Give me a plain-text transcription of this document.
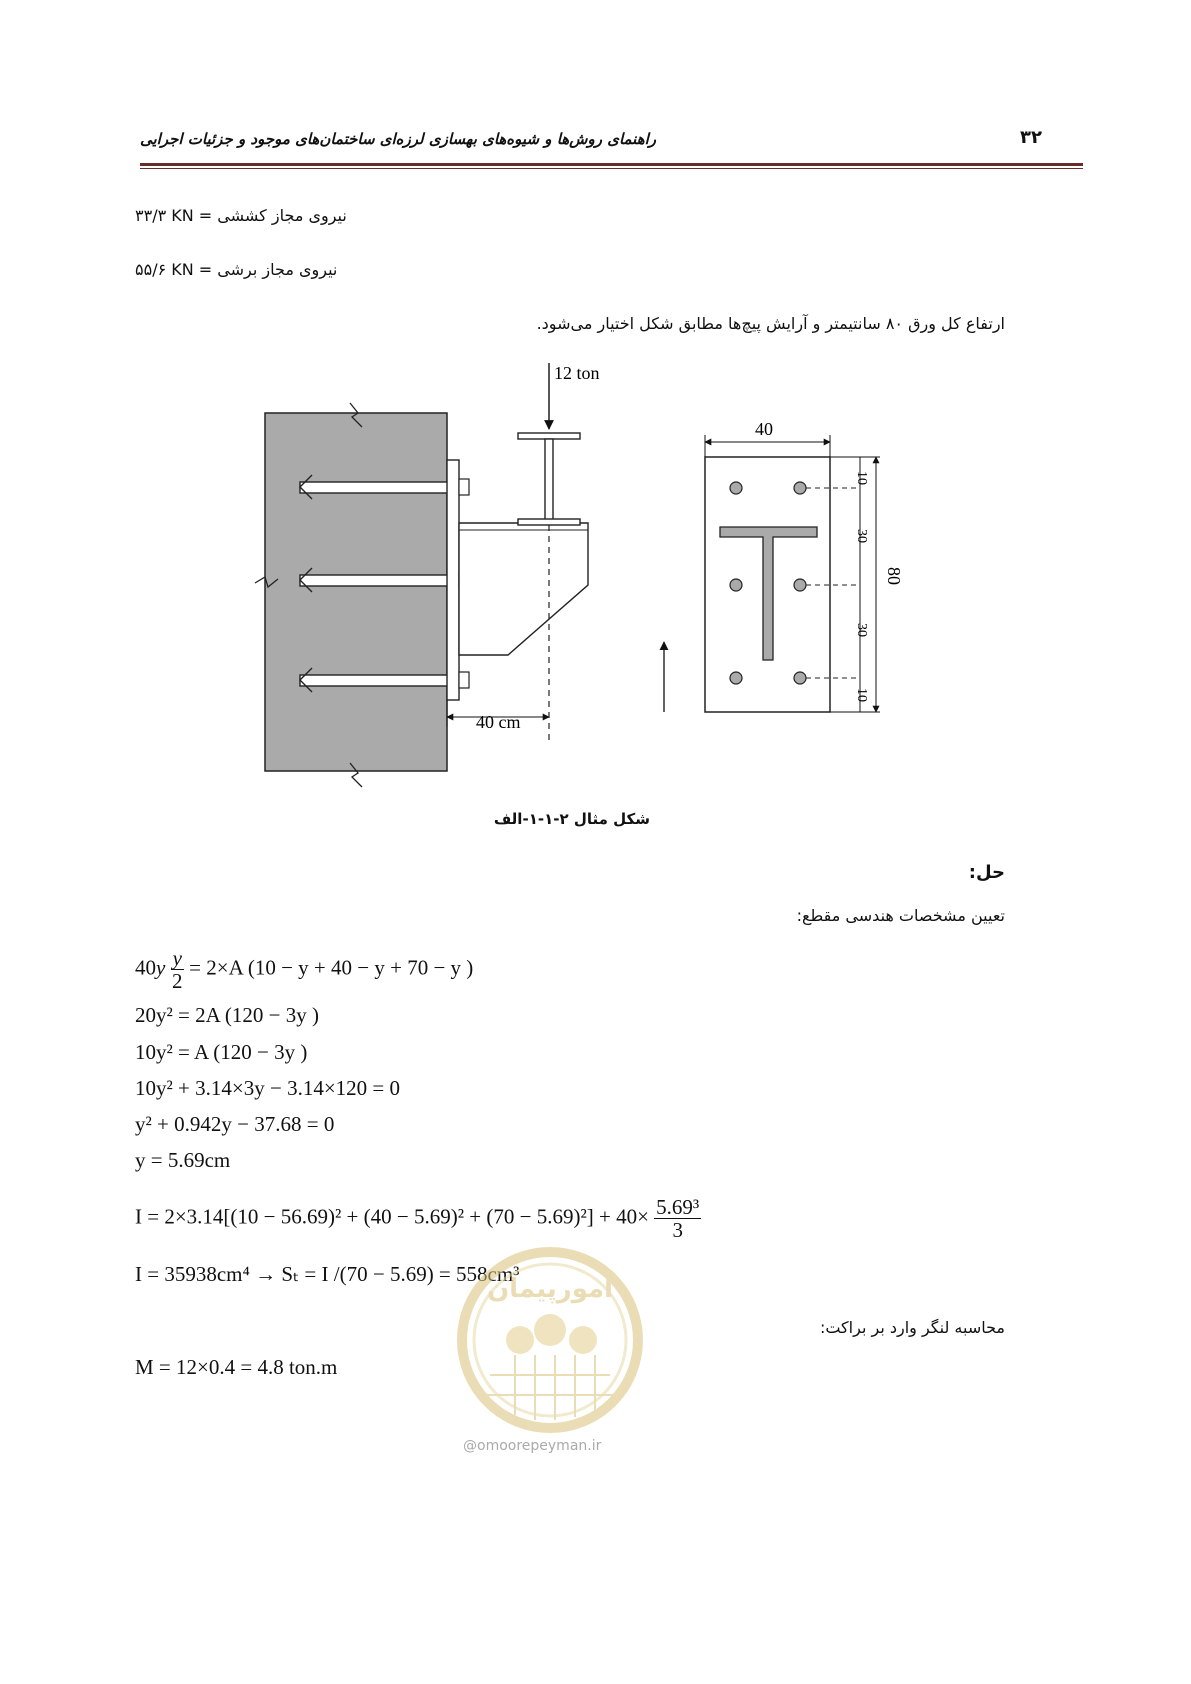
۳۲
راهنمای روش‌ها و شیوه‌های بهسازی لرزه‌ای ساختمان‌های موجود و جزئیات اجرایی
۳۳/۳ KN = نیروی مجاز کششی
۵۵/۶ KN = نیروی مجاز برشی
ارتفاع کل ورق ۸۰ سانتیمتر و آرایش پیچ‌ها مطابق شکل اختیار می‌شود.
12 ton
40 cm
40
10
30
30
10
80
شکل مثال ۲-۱-۱-الف
حل:
تعیین مشخصات هندسی مقطع:
$40y \frac{y}{2} = 2\times A$ (10 − y + 40 − y + 70 − y )
20y² = 2A (120 − 3y )
10y² = A (120 − 3y )
10y² + 3.14×3y − 3.14×120 = 0
y² + 0.942y − 37.68 = 0
y = 5.69cm
$I = 2\times 3.14[(10 - 56.69)^2 + (40 - 5.69)^2 + (70 - 5.69)^2] + 40\times \frac{\text{5.69³}}{3}$
I = 35938cm⁴ → Sₜ = I /(70 − 5.69) = 558cm³
محاسبه لنگر وارد بر براکت:
M = 12×0.4 = 4.8 ton.m
امورپیمان
@omoorepeyman.ir
